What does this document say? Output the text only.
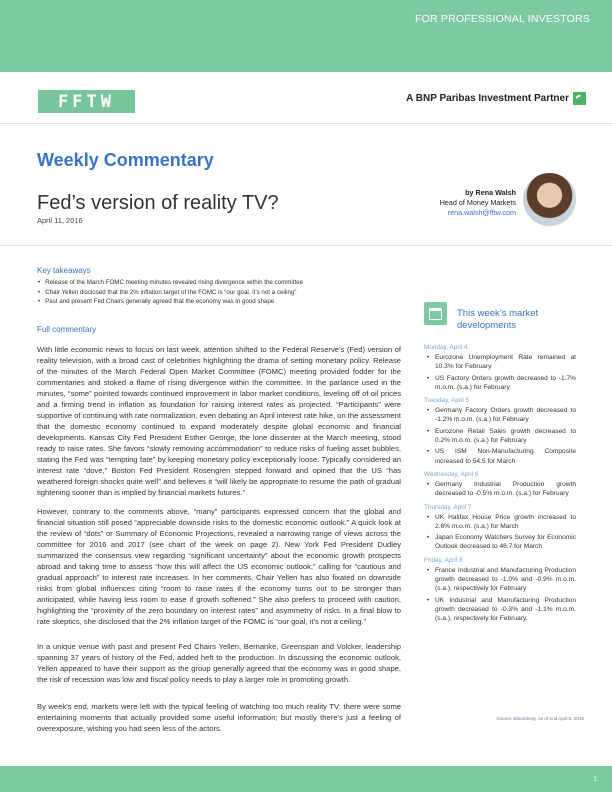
FOR PROFESSIONAL INVESTORS
FFTW	A BNP Paribas Investment Partner
Weekly Commentary
Fed’s version of reality TV?
April 11, 2016
by Rena Walsh
Head of Money Markets
rena.walsh@fftw.com
Key takeaways
• Release of the March FOMC meeting minutes revealed rising divergence within the committee
• Chair Yellen disclosed that the 2% inflation target of the FOMC is “our goal, it’s not a ceiling”
• Past and present Fed Chairs generally agreed that the economy was in good shape
Full commentary

With little economic news to focus on last week, attention shifted to the Federal Reserve’s (Fed) version of reality television, with a broad cast of celebrities highlighting the drama of setting monetary policy. Release of the minutes of the March Federal Open Market Committee (FOMC) meeting provided fodder for the commentaries and stoked a flame of rising divergence within the committee. In the parlance used in the minutes, “some” pointed towards continued improvement in labor market conditions, leveling off of oil prices and a firming trend in inflation as foundation for raising interest rates as projected. “Participants” were supportive of continuing with rate normalization, even debating an April interest rate hike, on the assessment that the domestic economy continued to expand moderately despite global economic and financial developments. Kansas City Fed President Esther George, the lone dissenter at the March meeting, stood ready to raise rates. She favors “slowly removing accommodation” to reduce risks of fueling asset bubbles, stating the Fed was “tempting fate” by keeping monetary policy exceptionally loose. Typically considered an interest rate “dove,” Boston Fed President Rosengren stepped forward and opined that the US “has weathered foreign shocks quite well” and believes it “will likely be appropriate to resume the path of gradual tightening sooner than is implied by financial markets futures.”

However, contrary to the comments above, “many” participants expressed concern that the global and financial situation still posed “appreciable downside risks to the domestic economic outlook.” A quick look at the review of “dots” or Summary of Economic Projections, revealed a narrowing range of views across the committee for 2016 and 2017 (see chart of the week on page 2). New York Fed President Dudley summarized the consensus view regarding “significant uncertainty” about the economic growth prospects abroad and taking time to assess “how this will affect the US economic outlook,” calling for “cautious and gradual approach” to interest rate increases. In her comments, Chair Yellen has also fixated on downside risks from global influences citing “room to raise rates if the economy turns out to be stronger than anticipated, while having less room to ease if growth softened.” She also prefers to proceed with caution, highlighting the “proximity of the zero boundary on interest rates” and asymmetry of risks. In a final blow to rate skeptics, she disclosed that the 2% inflation target of the FOMC is “our goal, it’s not a ceiling.”

In a unique venue with past and present Fed Chairs Yellen, Bernanke, Greenspan and Volcker, leadership spanning 37 years of history of the Fed, added heft to the production. In discussing the economic outlook, Yellen appeared to have their support as the group generally agreed that the economy was in good shape, the risk of recession was low and fiscal policy needs to play a larger role in promoting growth.

By week’s end, markets were left with the typical feeling of watching too much reality TV: there were some entertaining moments that actually provided some useful information; but mostly there’s just a feeling of overexposure, wishing you had seen less of the actors.

This week’s market
developments
Monday, April 4
• Eurozone Unemployment Rate remained at 10.3% for February
• US Factory Orders growth decreased to -1.7% m.o.m. (s.a.) for February
Tuesday, April 5
• Germany Factory Orders growth decreased to -1.2% m.o.m. (s.a.) for February
• Eurozone Retail Sales growth decreased to 0.2% m.o.m. (s.a.) for February
• US ISM Non-Manufacturing Composite increased to 54.5 for March
Wednesday, April 6
• Germany Industrial Production growth decreased to -0.5% m.o.m. (s.a.) for February
Thursday, April 7
• UK Halifax House Price growth increased to 2.6% m.o.m. (s.a.) for March
• Japan Economy Watchers Survey for Economic Outlook decreased to 46.7 for March
Friday, April 8
• France Industrial and Manufacturing Production growth decreased to -1.0% and -0.9% m.o.m. (s.a.), respectively for February
• UK Industrial and Manufacturing Production growth decreased to -0.3% and -1.1% m.o.m. (s.a.), respectively for February.
Source: Bloomberg, as of end April 8, 2016
1
